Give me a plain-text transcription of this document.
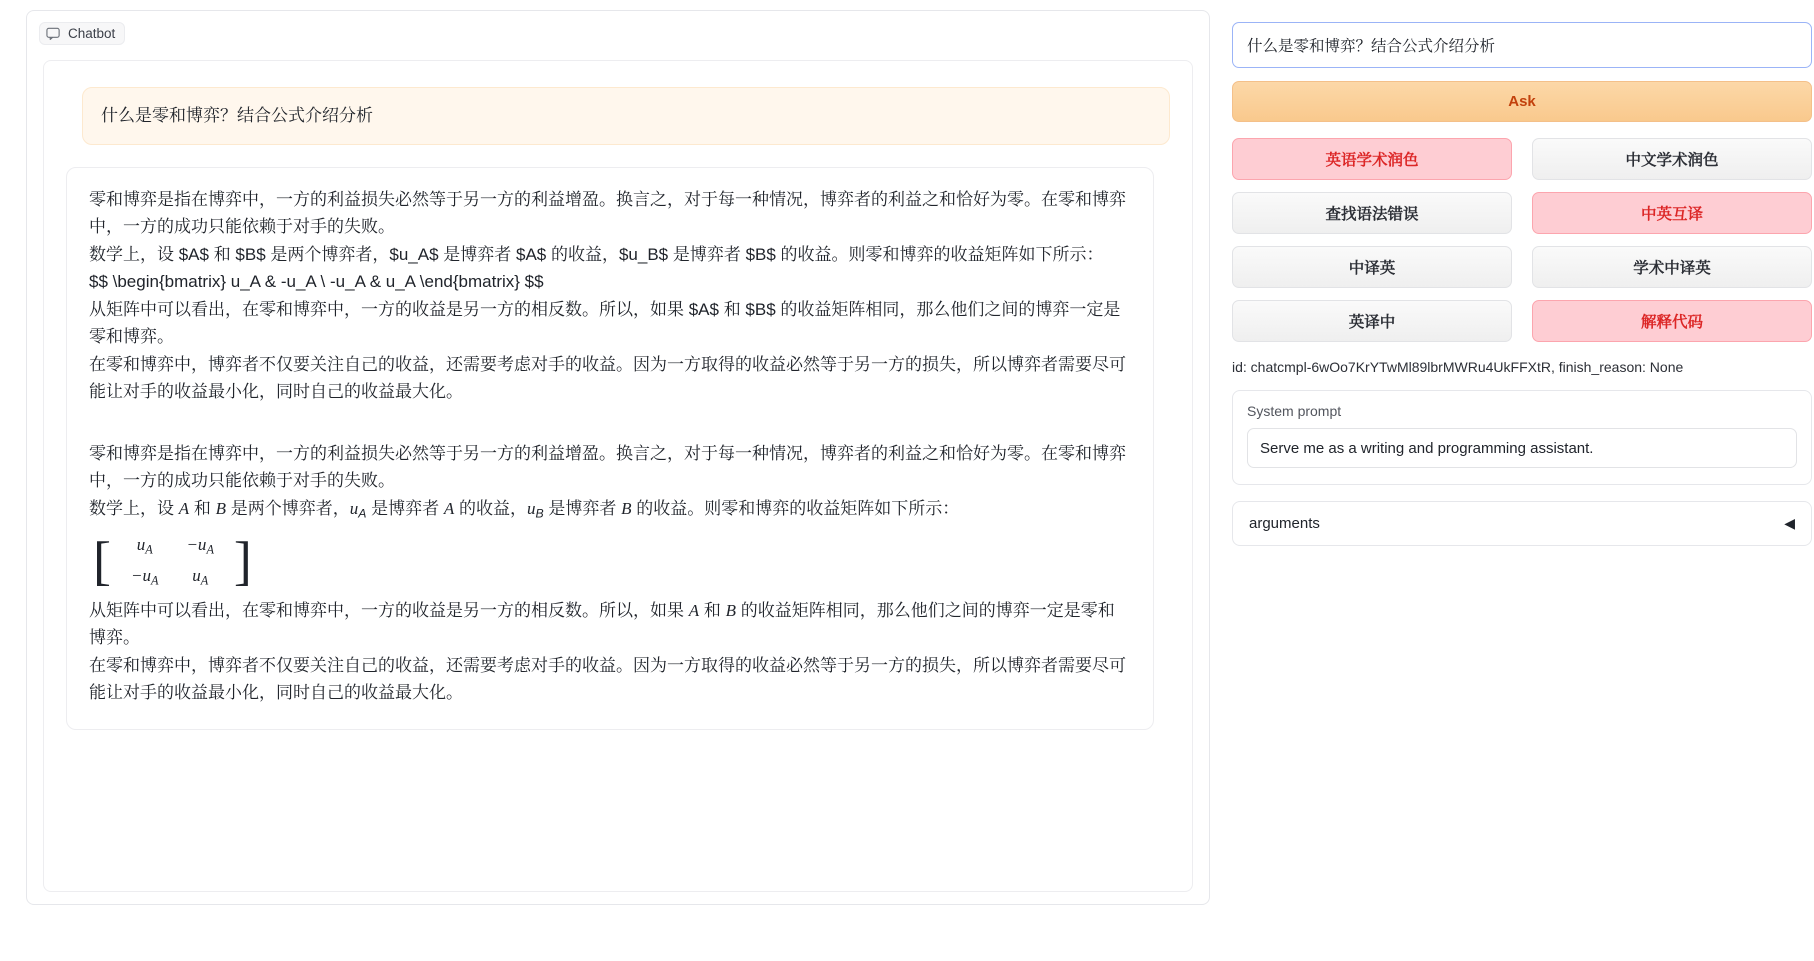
Chatbot
什么是零和博弈？结合公式介绍分析
零和博弈是指在博弈中，一方的利益损失必然等于另一方的利益增盈。换言之，对于每一种情况，博弈者的利益之和恰好为零。在零和博弈中，一方的成功只能依赖于对手的失败。
数学上，设 $A$ 和 $B$ 是两个博弈者，$u_A$ 是博弈者 $A$ 的收益，$u_B$ 是博弈者 $B$ 的收益。则零和博弈的收益矩阵如下所示：
$$ \begin{bmatrix} u_A & -u_A \ -u_A & u_A \end{bmatrix} $$
从矩阵中可以看出，在零和博弈中，一方的收益是另一方的相反数。所以，如果 $A$ 和 $B$ 的收益矩阵相同，那么他们之间的博弈一定是零和博弈。
在零和博弈中，博弈者不仅要关注自己的收益，还需要考虑对手的收益。因为一方取得的收益必然等于另一方的损失，所以博弈者需要尽可能让对手的收益最小化，同时自己的收益最大化。
零和博弈是指在博弈中，一方的利益损失必然等于另一方的利益增盈。换言之，对于每一种情况，博弈者的利益之和恰好为零。在零和博弈中，一方的成功只能依赖于对手的失败。
数学上，设 A 和 B 是两个博弈者，$u_A$ 是博弈者 A 的收益，$u_B$ 是博弈者 B 的收益。则零和博弈的收益矩阵如下所示：
[ $u_A$	$-u_A$
$-u_A$	$u_A$ ]
从矩阵中可以看出，在零和博弈中，一方的收益是另一方的相反数。所以，如果 A 和 B 的收益矩阵相同，那么他们之间的博弈一定是零和博弈。
在零和博弈中，博弈者不仅要关注自己的收益，还需要考虑对手的收益。因为一方取得的收益必然等于另一方的损失，所以博弈者需要尽可能让对手的收益最小化，同时自己的收益最大化。
什么是零和博弈？结合公式介绍分析
Ask
英语学术润色	中文学术润色
查找语法错误	中英互译
中译英	学术中译英
英译中	解释代码
id: chatcmpl-6wOo7KrYTwMl89lbrMWRu4UkFFXtR, finish_reason: None
System prompt
Serve me as a writing and programming assistant.
arguments	◀
